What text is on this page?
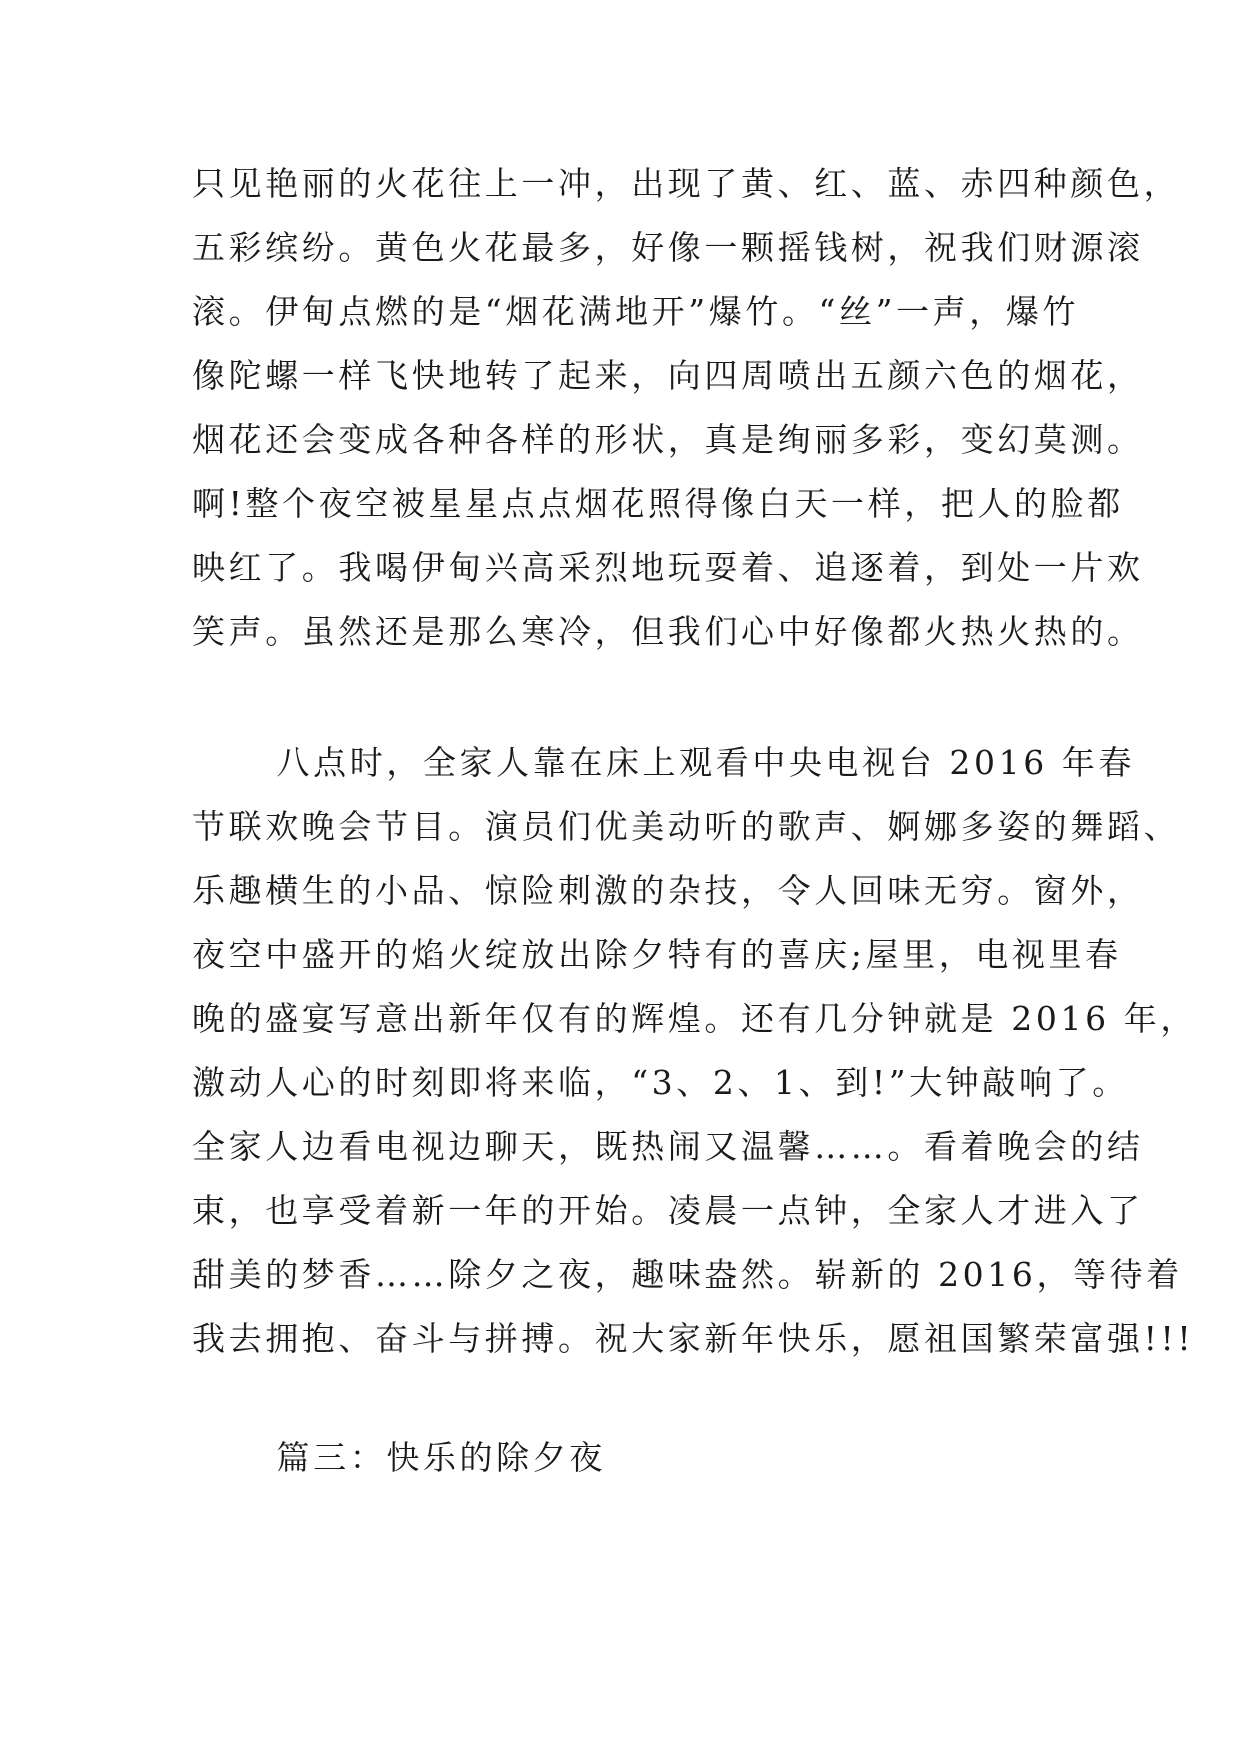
只见艳丽的火花往上一冲，出现了黄、红、蓝、赤四种颜色，
五彩缤纷。黄色火花最多，好像一颗摇钱树，祝我们财源滚
滚。伊甸点燃的是“烟花满地开”爆竹。“丝”一声，爆竹
像陀螺一样飞快地转了起来，向四周喷出五颜六色的烟花，
烟花还会变成各种各样的形状，真是绚丽多彩，变幻莫测。
啊!整个夜空被星星点点烟花照得像白天一样，把人的脸都
映红了。我喝伊甸兴高采烈地玩耍着、追逐着，到处一片欢
笑声。虽然还是那么寒冷，但我们心中好像都火热火热的。
八点时，全家人靠在床上观看中央电视台 2016 年春
节联欢晚会节目。演员们优美动听的歌声、婀娜多姿的舞蹈、
乐趣横生的小品、惊险刺激的杂技，令人回味无穷。窗外，
夜空中盛开的焰火绽放出除夕特有的喜庆;屋里，电视里春
晚的盛宴写意出新年仅有的辉煌。还有几分钟就是 2016 年，
激动人心的时刻即将来临，“3、2、1、到!”大钟敲响了。
全家人边看电视边聊天，既热闹又温馨……。看着晚会的结
束，也享受着新一年的开始。凌晨一点钟，全家人才进入了
甜美的梦香……除夕之夜，趣味盎然。崭新的 2016，等待着
我去拥抱、奋斗与拼搏。祝大家新年快乐，愿祖国繁荣富强!!!
篇三：快乐的除夕夜
